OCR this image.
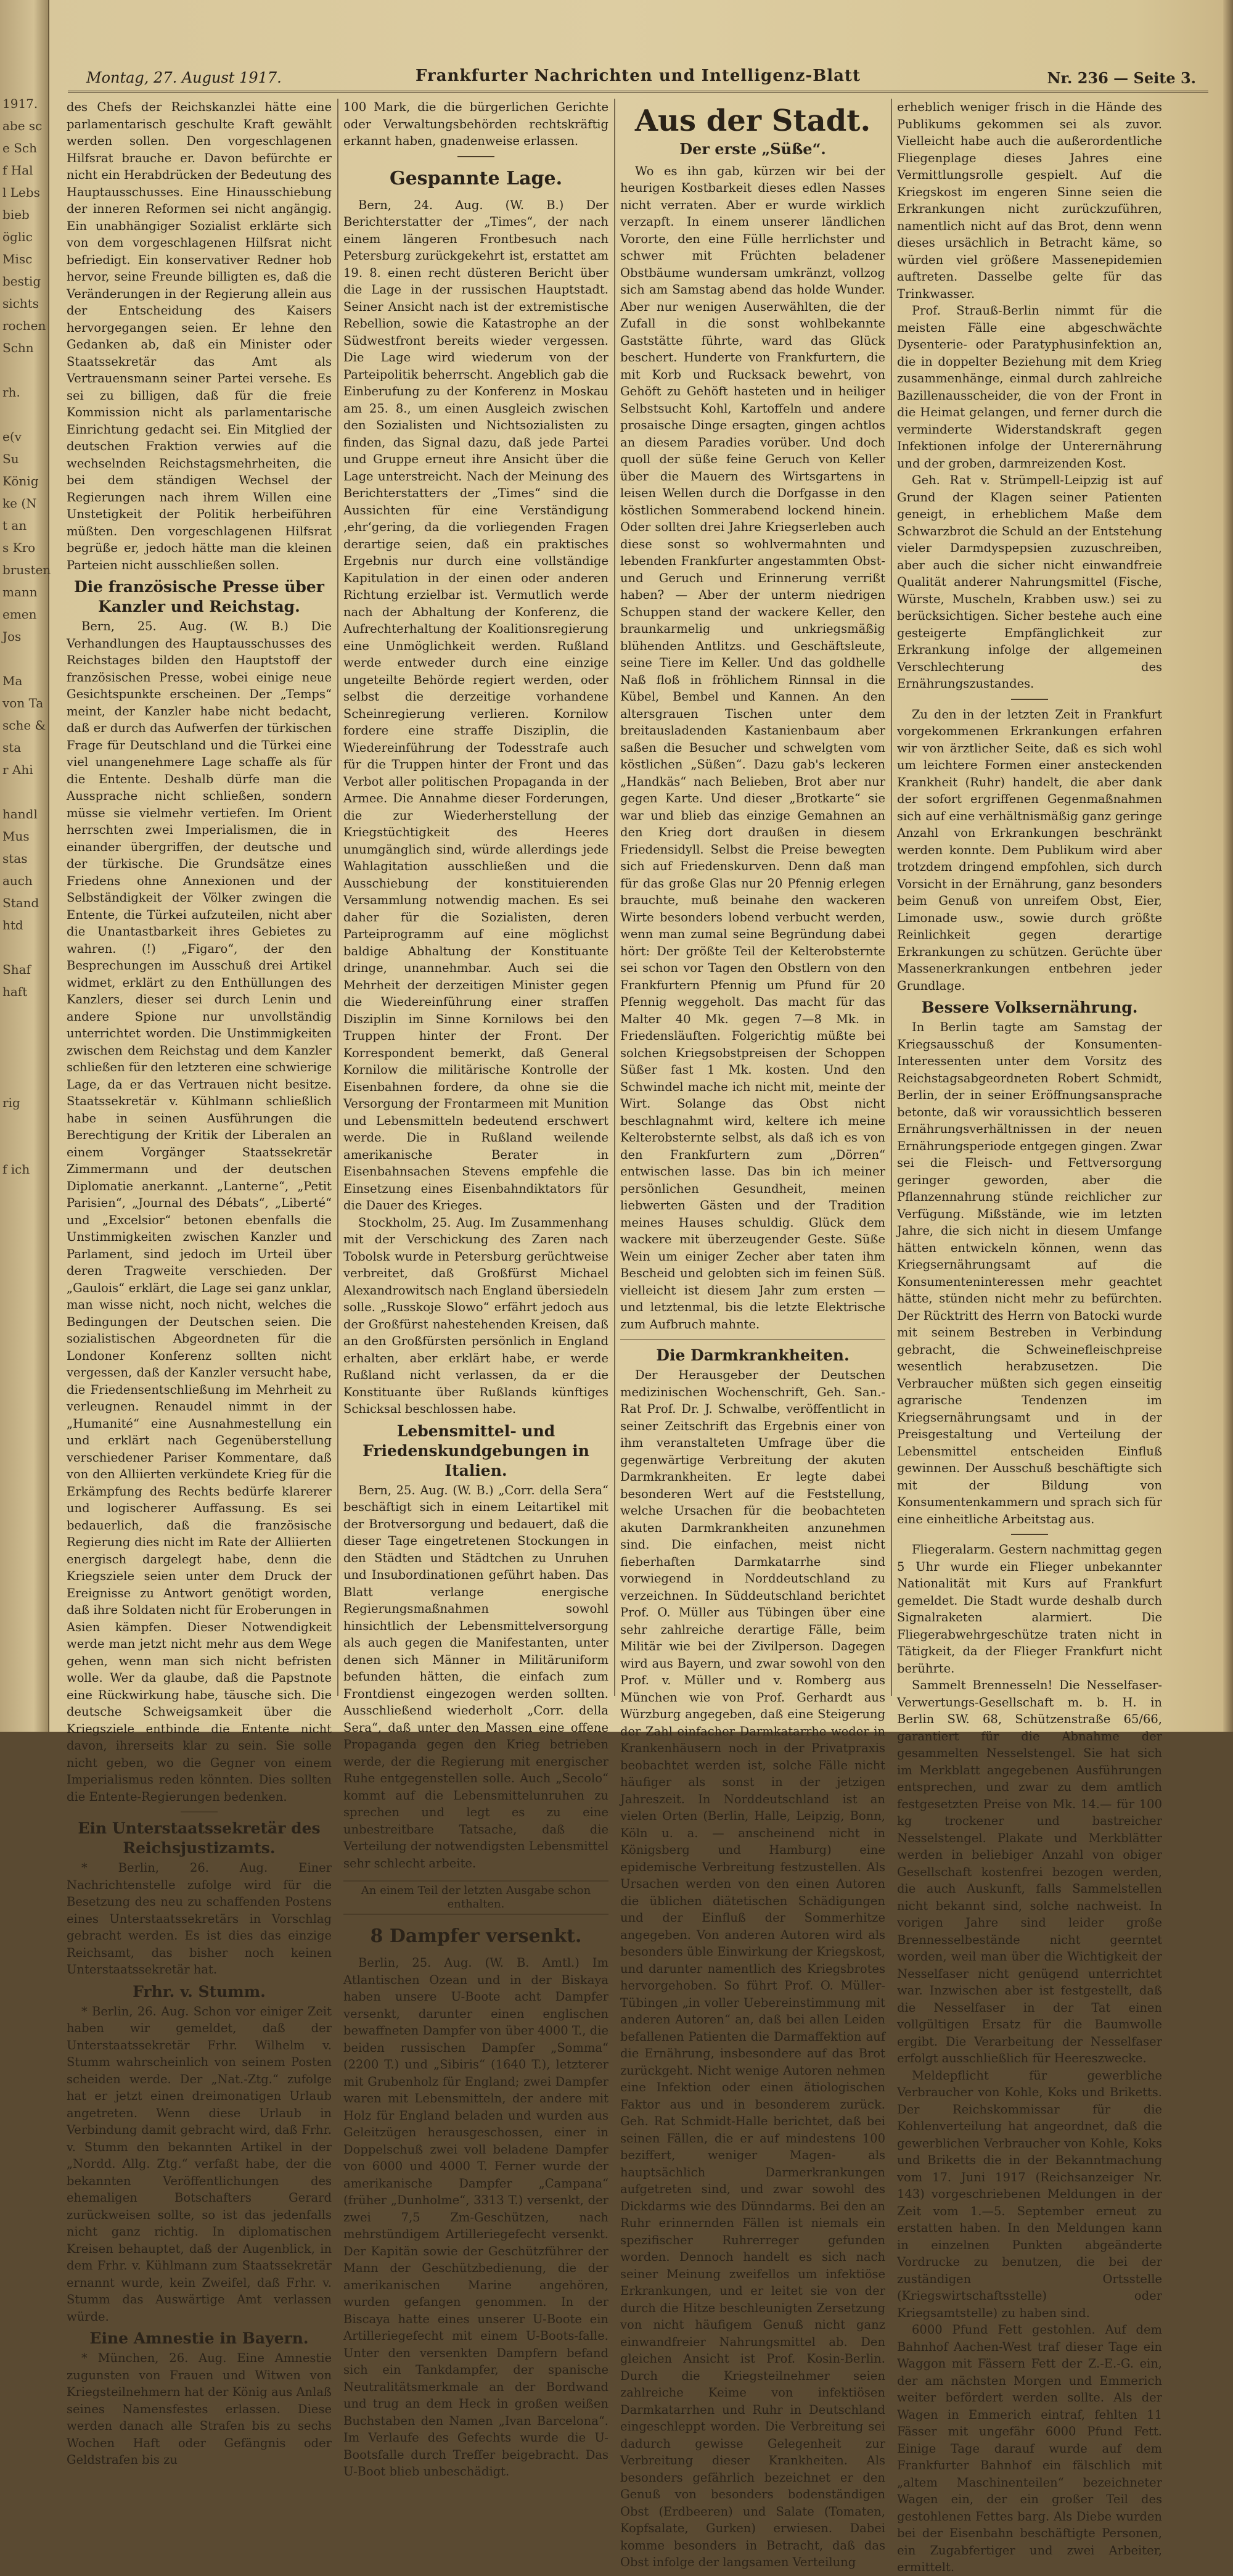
1917.
abe sc
e Sch
f Hal
l Lebs
bieb
öglic
Misc
bestig
sichts
rochen
Schn

rh.

e(v
Su
König
ke (N
t an
s Kro
brusten
mann
emen
Jos

Ma
von Ta
sche &
sta
r Ahi

handl
Mus
stas
auch
Stand
htd

Shaf
haft

rig

f ich
Montag, 27. August 1917.	Frankfurter Nachrichten und Intelligenz-Blatt	Nr. 236 — Seite 3.

des Chefs der Reichskanzlei hätte eine parlamentarisch geschulte Kraft gewählt werden sollen. Den vorgeschlagenen Hilfsrat brauche er. Davon befürchte er nicht ein Herabdrücken der Bedeutung des Hauptausschusses. Eine Hinausschiebung der inneren Reformen sei nicht angängig. Ein unabhängiger Sozialist erklärte sich von dem vorgeschlagenen Hilfsrat nicht befriedigt. Ein konservativer Redner hob hervor, seine Freunde billigten es, daß die Veränderungen in der Regierung allein aus der Entscheidung des Kaisers hervorgegangen seien. Er lehne den Gedanken ab, daß ein Minister oder Staatssekretär das Amt als Vertrauensmann seiner Partei versehe. Es sei zu billigen, daß für die freie Kommission nicht als parlamentarische Einrichtung gedacht sei. Ein Mitglied der deutschen Fraktion verwies auf die wechselnden Reichstagsmehrheiten, die bei dem ständigen Wechsel der Regierungen nach ihrem Willen eine Unstetigkeit der Politik herbeiführen müßten. Den vorgeschlagenen Hilfsrat begrüße er, jedoch hätte man die kleinen Parteien nicht ausschließen sollen.

Die französische Presse über Kanzler und Reichstag.

Bern, 25. Aug. (W. B.) Die Verhandlungen des Hauptausschusses des Reichstages bilden den Hauptstoff der französischen Presse, wobei einige neue Gesichtspunkte erscheinen. Der „Temps“ meint, der Kanzler habe nicht bedacht, daß er durch das Aufwerfen der türkischen Frage für Deutschland und die Türkei eine viel unangenehmere Lage schaffe als für die Entente. Deshalb dürfe man die Aussprache nicht schließen, sondern müsse sie vielmehr vertiefen. Im Orient herrschten zwei Imperialismen, die in einander übergriffen, der deutsche und der türkische. Die Grundsätze eines Friedens ohne Annexionen und der Selbständigkeit der Völker zwingen die Entente, die Türkei aufzuteilen, nicht aber die Unantastbarkeit ihres Gebietes zu wahren. (!) „Figaro“, der den Besprechungen im Ausschuß drei Artikel widmet, erklärt zu den Enthüllungen des Kanzlers, dieser sei durch Lenin und andere Spione nur unvollständig unterrichtet worden. Die Unstimmigkeiten zwischen dem Reichstag und dem Kanzler schließen für den letzteren eine schwierige Lage, da er das Vertrauen nicht besitze. Staatssekretär v. Kühlmann schließlich habe in seinen Ausführungen die Berechtigung der Kritik der Liberalen an einem Vorgänger Staatssekretär Zimmermann und der deutschen Diplomatie anerkannt. „Lanterne“, „Petit Parisien“, „Journal des Débats“, „Liberté“ und „Excelsior“ betonen ebenfalls die Unstimmigkeiten zwischen Kanzler und Parlament, sind jedoch im Urteil über deren Tragweite verschieden. Der „Gaulois“ erklärt, die Lage sei ganz unklar, man wisse nicht, noch nicht, welches die Bedingungen der Deutschen seien. Die sozialistischen Abgeordneten für die Londoner Konferenz sollten nicht vergessen, daß der Kanzler versucht habe, die Friedensentschließung im Mehrheit zu verleugnen. Renaudel nimmt in der „Humanité“ eine Ausnahmestellung ein und erklärt nach Gegenüberstellung verschiedener Pariser Kommentare, daß von den Alliierten verkündete Krieg für die Erkämpfung des Rechts bedürfe klarerer und logischerer Auffassung. Es sei bedauerlich, daß die französische Regierung dies nicht im Rate der Alliierten energisch dargelegt habe, denn die Kriegsziele seien unter dem Druck der Ereignisse zu Antwort genötigt worden, daß ihre Soldaten nicht für Eroberungen in Asien kämpfen. Dieser Notwendigkeit werde man jetzt nicht mehr aus dem Wege gehen, wenn man sich nicht befristen wolle. Wer da glaube, daß die Papstnote eine Rückwirkung habe, täusche sich. Die deutsche Schweigsamkeit über die Kriegsziele entbinde die Entente nicht davon, ihrerseits klar zu sein. Sie solle nicht geben, wo die Gegner von einem Imperialismus reden könnten. Dies sollten die Entente-Regierungen bedenken.

Ein Unterstaatssekretär des Reichsjustizamts.

* Berlin, 26. Aug. Einer Nachrichtenstelle zufolge wird für die Besetzung des neu zu schaffenden Postens eines Unterstaatssekretärs in Vorschlag gebracht werden. Es ist dies das einzige Reichsamt, das bisher noch keinen Unterstaatssekretär hat.

Frhr. v. Stumm.

* Berlin, 26. Aug. Schon vor einiger Zeit haben wir gemeldet, daß der Unterstaatssekretär Frhr. Wilhelm v. Stumm wahrscheinlich von seinem Posten scheiden werde. Der „Nat.-Ztg.“ zufolge hat er jetzt einen dreimonatigen Urlaub angetreten. Wenn diese Urlaub in Verbindung damit gebracht wird, daß Frhr. v. Stumm den bekannten Artikel in der „Nordd. Allg. Ztg.“ verfaßt habe, der die bekannten Veröffentlichungen des ehemaligen Botschafters Gerard zurückweisen sollte, so ist das jedenfalls nicht ganz richtig. In diplomatischen Kreisen behauptet, daß der Augenblick, in dem Frhr. v. Kühlmann zum Staatssekretär ernannt wurde, kein Zweifel, daß Frhr. v. Stumm das Auswärtige Amt verlassen würde.

Eine Amnestie in Bayern.

* München, 26. Aug. Eine Amnestie zugunsten von Frauen und Witwen von Kriegsteilnehmern hat der König aus Anlaß seines Namensfestes erlassen. Diese werden danach alle Strafen bis zu sechs Wochen Haft oder Gefängnis oder Geldstrafen bis zu

100 Mark, die die bürgerlichen Gerichte oder Verwaltungsbehörden rechtskräftig erkannt haben, gnadenweise erlassen.

Gespannte Lage.

Bern, 24. Aug. (W. B.) Der Berichterstatter der „Times“, der nach einem längeren Frontbesuch nach Petersburg zurückgekehrt ist, erstattet am 19. 8. einen recht düsteren Bericht über die Lage in der russischen Hauptstadt. Seiner Ansicht nach ist der extremistische Rebellion, sowie die Katastrophe an der Südwestfront bereits wieder vergessen. Die Lage wird wiederum von der Parteipolitik beherrscht. Angeblich gab die Einberufung zu der Konferenz in Moskau am 25. 8., um einen Ausgleich zwischen den Sozialisten und Nichtsozialisten zu finden, das Signal dazu, daß jede Partei und Gruppe erneut ihre Ansicht über die Lage unterstreicht. Nach der Meinung des Berichterstatters der „Times“ sind die Aussichten für eine Verständigung ‚ehr‘gering, da die vorliegenden Fragen derartige seien, daß ein praktisches Ergebnis nur durch eine vollständige Kapitulation in der einen oder anderen Richtung erzielbar ist. Vermutlich werde nach der Abhaltung der Konferenz, die Aufrechterhaltung der Koalitionsregierung eine Unmöglichkeit werden. Rußland werde entweder durch eine einzige ungeteilte Behörde regiert werden, oder selbst die derzeitige vorhandene Scheinregierung verlieren. Kornilow fordere eine straffe Disziplin, die Wiedereinführung der Todesstrafe auch für die Truppen hinter der Front und das Verbot aller politischen Propaganda in der Armee. Die Annahme dieser Forderungen, die zur Wiederherstellung der Kriegstüchtigkeit des Heeres unumgänglich sind, würde allerdings jede Wahlagitation ausschließen und die Ausschiebung der konstituierenden Versammlung notwendig machen. Es sei daher für die Sozialisten, deren Parteiprogramm auf eine möglichst baldige Abhaltung der Konstituante dringe, unannehmbar. Auch sei die Mehrheit der derzeitigen Minister gegen die Wiedereinführung einer straffen Disziplin im Sinne Kornilows bei den Truppen hinter der Front. Der Korrespondent bemerkt, daß General Kornilow die militärische Kontrolle der Eisenbahnen fordere, da ohne sie die Versorgung der Frontarmeen mit Munition und Lebensmitteln bedeutend erschwert werde. Die in Rußland weilende amerikanische Berater in Eisenbahnsachen Stevens empfehle die Einsetzung eines Eisenbahndiktators für die Dauer des Krieges.

Stockholm, 25. Aug. Im Zusammenhang mit der Verschickung des Zaren nach Tobolsk wurde in Petersburg gerüchtweise verbreitet, daß Großfürst Michael Alexandrowitsch nach England übersiedeln solle. „Russkoje Slowo“ erfährt jedoch aus der Großfürst nahestehenden Kreisen, daß an den Großfürsten persönlich in England erhalten, aber erklärt habe, er werde Rußland nicht verlassen, da er die Konstituante über Rußlands künftiges Schicksal beschlossen habe.

Lebensmittel- und Friedenskundgebungen in Italien.

Bern, 25. Aug. (W. B.) „Corr. della Sera“ beschäftigt sich in einem Leitartikel mit der Brotversorgung und bedauert, daß die dieser Tage eingetretenen Stockungen in den Städten und Städtchen zu Unruhen und Insubordinationen geführt haben. Das Blatt verlange energische Regierungsmaßnahmen sowohl hinsichtlich der Lebensmittelversorgung als auch gegen die Manifestanten, unter denen sich Männer in Militäruniform befunden hätten, die einfach zum Frontdienst eingezogen werden sollten. Ausschließend wiederholt „Corr. della Sera“, daß unter den Massen eine offene Propaganda gegen den Krieg betrieben werde, der die Regierung mit energischer Ruhe entgegenstellen solle. Auch „Secolo“ kommt auf die Lebensmittelunruhen zu sprechen und legt es zu eine unbestreitbare Tatsache, daß die Verteilung der notwendigsten Lebensmittel sehr schlecht arbeite.

An einem Teil der letzten Ausgabe schon enthalten.
8 Dampfer versenkt.

Berlin, 25. Aug. (W. B. Amtl.) Im Atlantischen Ozean und in der Biskaya haben unsere U-Boote acht Dampfer versenkt, darunter einen englischen bewaffneten Dampfer von über 4000 T., die beiden russischen Dampfer „Somma“ (2200 T.) und „Sibiris“ (1640 T.), letzterer mit Grubenholz für England; zwei Dampfer waren mit Lebensmitteln, der andere mit Holz für England beladen und wurden aus Geleitzügen herausgeschossen, einer in Doppelschuß zwei voll beladene Dampfer von 6000 und 4000 T. Ferner wurde der amerikanische Dampfer „Campana“ (früher „Dunholme“, 3313 T.) versenkt, der zwei 7,5 Zm-Geschützen, nach mehrstündigem Artilleriegefecht versenkt. Der Kapitän sowie der Geschützführer der Mann der Geschützbedienung, die der amerikanischen Marine angehören, wurden gefangen genommen. In der Biscaya hatte eines unserer U-Boote ein Artilleriegefecht mit einem U-Boots-falle. Unter den versenkten Dampfern befand sich ein Tankdampfer, der spanische Neutralitätsmerkmale an der Bordwand und trug an dem Heck in großen weißen Buchstaben den Namen „Ivan Barcelona“. Im Verlaufe des Gefechts wurde die U-Bootsfalle durch Treffer beigebracht. Das U-Boot blieb unbeschädigt.

Aus der Stadt.
Der erste „Süße“.

Wo es ihn gab, kürzen wir bei der heurigen Kostbarkeit dieses edlen Nasses nicht verraten. Aber er wurde wirklich verzapft. In einem unserer ländlichen Vororte, den eine Fülle herrlichster und schwer mit Früchten beladener Obstbäume wundersam umkränzt, vollzog sich am Samstag abend das holde Wunder. Aber nur wenigen Auserwählten, die der Zufall in die sonst wohlbekannte Gaststätte führte, ward das Glück beschert. Hunderte von Frankfurtern, die mit Korb und Rucksack bewehrt, von Gehöft zu Gehöft hasteten und in heiliger Selbstsucht Kohl, Kartoffeln und andere prosaische Dinge ersagten, gingen achtlos an diesem Paradies vorüber. Und doch quoll der süße feine Geruch von Keller über die Mauern des Wirtsgartens in leisen Wellen durch die Dorfgasse in den köstlichen Sommerabend lockend hinein. Oder sollten drei Jahre Kriegserleben auch diese sonst so wohlvermahnten und lebenden Frankfurter angestammten Obst- und Geruch und Erinnerung verrißt haben? — Aber der unterm niedrigen Schuppen stand der wackere Keller, den braunkarmelig und unkriegsmäßig blühenden Antlitzs. und Geschäftsleute, seine Tiere im Keller. Und das goldhelle Naß floß in fröhlichem Rinnsal in die Kübel, Bembel und Kannen. An den altersgrauen Tischen unter dem breitausladenden Kastanienbaum aber saßen die Besucher und schwelgten vom köstlichen „Süßen“. Dazu gab's leckeren „Handkäs“ nach Belieben, Brot aber nur gegen Karte. Und dieser „Brotkarte“ sie war und blieb das einzige Gemahnen an den Krieg dort draußen in diesem Friedensidyll. Selbst die Preise bewegten sich auf Friedenskurven. Denn daß man für das große Glas nur 20 Pfennig erlegen brauchte, muß beinahe den wackeren Wirte besonders lobend verbucht werden, wenn man zumal seine Begründung dabei hört: Der größte Teil der Kelterobsternte sei schon vor Tagen den Obstlern von den Frankfurtern Pfennig um Pfund für 20 Pfennig weggeholt. Das macht für das Malter 40 Mk. gegen 7—8 Mk. in Friedensläuften. Folgerichtig müßte bei solchen Kriegsobstpreisen der Schoppen Süßer fast 1 Mk. kosten. Und den Schwindel mache ich nicht mit, meinte der Wirt. Solange das Obst nicht beschlagnahmt wird, keltere ich meine Kelterobsternte selbst, als daß ich es von den Frankfurtern zum „Dörren“ entwischen lasse. Das bin ich meiner persönlichen Gesundheit, meinen liebwerten Gästen und der Tradition meines Hauses schuldig. Glück dem wackere mit überzeugender Geste. Süße Wein um einiger Zecher aber taten ihm Bescheid und gelobten sich im feinen Süß. vielleicht ist diesem Jahr zum ersten — und letztenmal, bis die letzte Elektrische zum Aufbruch mahnte.

Die Darmkrankheiten.

Der Herausgeber der Deutschen medizinischen Wochenschrift, Geh. San.-Rat Prof. Dr. J. Schwalbe, veröffentlicht in seiner Zeitschrift das Ergebnis einer von ihm veranstalteten Umfrage über die gegenwärtige Verbreitung der akuten Darmkrankheiten. Er legte dabei besonderen Wert auf die Feststellung, welche Ursachen für die beobachteten akuten Darmkrankheiten anzunehmen sind. Die einfachen, meist nicht fieberhaften Darmkatarrhe sind vorwiegend in Norddeutschland zu verzeichnen. In Süddeutschland berichtet Prof. O. Müller aus Tübingen über eine sehr zahlreiche derartige Fälle, beim Militär wie bei der Zivilperson. Dagegen wird aus Bayern, und zwar sowohl von den Prof. v. Müller und v. Romberg aus München wie von Prof. Gerhardt aus Würzburg angegeben, daß eine Steigerung der Zahl einfacher Darmkatarrhe weder in Krankenhäusern noch in der Privatpraxis beobachtet werden ist, solche Fälle nicht häufiger als sonst in der jetzigen Jahreszeit. In Norddeutschland ist an vielen Orten (Berlin, Halle, Leipzig, Bonn, Köln u. a. — anscheinend nicht in Königsberg und Hamburg) eine epidemische Verbreitung festzustellen. Als Ursachen werden von den einen Autoren die üblichen diätetischen Schädigungen und der Einfluß der Sommerhitze angegeben. Von anderen Autoren wird als besonders üble Einwirkung der Kriegskost, und darunter namentlich des Kriegsbrotes hervorgehoben. So führt Prof. O. Müller-Tübingen „in voller Uebereinstimmung mit anderen Autoren“ an, daß bei allen Leiden befallenen Patienten die Darmaffektion auf die Ernährung, insbesondere auf das Brot zurückgeht. Nicht wenige Autoren nehmen eine Infektion oder einen ätiologischen Faktor aus und in besonderem zurück. Geh. Rat Schmidt-Halle berichtet, daß bei seinen Fällen, die er auf mindestens 100 beziffert, weniger Magen- als hauptsächlich Darmerkrankungen aufgetreten sind, und zwar sowohl des Dickdarms wie des Dünndarms. Bei den an Ruhr erinnernden Fällen ist niemals ein spezifischer Ruhrerreger gefunden worden. Dennoch handelt es sich nach seiner Meinung zweifellos um infektiöse Erkrankungen, und er leitet sie von der durch die Hitze beschleunigten Zersetzung von nicht häufigem Genuß nicht ganz einwandfreier Nahrungsmittel ab. Den gleichen Ansicht ist Prof. Kosin-Berlin. Durch die Kriegsteilnehmer seien zahlreiche Keime von infektiösen Darmkatarrhen und Ruhr in Deutschland eingeschleppt worden. Die Verbreitung sei dadurch gewisse Gelegenheit zur Verbreitung dieser Krankheiten. Als besonders gefährlich bezeichnet er den Genuß von besonders bodenständigen Obst (Erdbeeren) und Salate (Tomaten, Kopfsalate, Gurken) erwiesen. Dabei komme besonders in Betracht, daß das Obst infolge der langsamen Verteilung

erheblich weniger frisch in die Hände des Publikums gekommen sei als zuvor. Vielleicht habe auch die außerordentliche Fliegenplage dieses Jahres eine Vermittlungsrolle gespielt. Auf die Kriegskost im engeren Sinne seien die Erkrankungen nicht zurückzuführen, namentlich nicht auf das Brot, denn wenn dieses ursächlich in Betracht käme, so würden viel größere Massenepidemien auftreten. Dasselbe gelte für das Trinkwasser.

Prof. Strauß-Berlin nimmt für die meisten Fälle eine abgeschwächte Dysenterie- oder Paratyphusinfektion an, die in doppelter Beziehung mit dem Krieg zusammenhänge, einmal durch zahlreiche Bazillenausscheider, die von der Front in die Heimat gelangen, und ferner durch die verminderte Widerstandskraft gegen Infektionen infolge der Unterernährung und der groben, darmreizenden Kost.

Geh. Rat v. Strümpell-Leipzig ist auf Grund der Klagen seiner Patienten geneigt, in erheblichem Maße dem Schwarzbrot die Schuld an der Entstehung vieler Darmdyspepsien zuzuschreiben, aber auch die sicher nicht einwandfreie Qualität anderer Nahrungsmittel (Fische, Würste, Muscheln, Krabben usw.) sei zu berücksichtigen. Sicher bestehe auch eine gesteigerte Empfänglichkeit zur Erkrankung infolge der allgemeinen Verschlechterung des Ernährungszustandes.

Zu den in der letzten Zeit in Frankfurt vorgekommenen Erkrankungen erfahren wir von ärztlicher Seite, daß es sich wohl um leichtere Formen einer ansteckenden Krankheit (Ruhr) handelt, die aber dank der sofort ergriffenen Gegenmaßnahmen sich auf eine verhältnismäßig ganz geringe Anzahl von Erkrankungen beschränkt werden konnte. Dem Publikum wird aber trotzdem dringend empfohlen, sich durch Vorsicht in der Ernährung, ganz besonders beim Genuß von unreifem Obst, Eier, Limonade usw., sowie durch größte Reinlichkeit gegen derartige Erkrankungen zu schützen. Gerüchte über Massenerkrankungen entbehren jeder Grundlage.

Bessere Volksernährung.

In Berlin tagte am Samstag der Kriegsausschuß der Konsumenten-Interessenten unter dem Vorsitz des Reichstagsabgeordneten Robert Schmidt, Berlin, der in seiner Eröffnungsansprache betonte, daß wir voraussichtlich besseren Ernährungsverhältnissen in der neuen Ernährungsperiode entgegen gingen. Zwar sei die Fleisch- und Fettversorgung geringer geworden, aber die Pflanzennahrung stünde reichlicher zur Verfügung. Mißstände, wie im letzten Jahre, die sich nicht in diesem Umfange hätten entwickeln können, wenn das Kriegsernährungsamt auf die Konsumenteninteressen mehr geachtet hätte, stünden nicht mehr zu befürchten. Der Rücktritt des Herrn von Batocki wurde mit seinem Bestreben in Verbindung gebracht, die Schweinefleischpreise wesentlich herabzusetzen. Die Verbraucher müßten sich gegen einseitig agrarische Tendenzen im Kriegsernährungsamt und in der Preisgestaltung und Verteilung der Lebensmittel entscheiden Einfluß gewinnen. Der Ausschuß beschäftigte sich mit der Bildung von Konsumentenkammern und sprach sich für eine einheitliche Arbeitstag aus.

Fliegeralarm. Gestern nachmittag gegen 5 Uhr wurde ein Flieger unbekannter Nationalität mit Kurs auf Frankfurt gemeldet. Die Stadt wurde deshalb durch Signalraketen alarmiert. Die Fliegerabwehrgeschütze traten nicht in Tätigkeit, da der Flieger Frankfurt nicht berührte.

Sammelt Brennesseln! Die Nesselfaser-Verwertungs-Gesellschaft m. b. H. in Berlin SW. 68, Schützenstraße 65/66, garantiert für die Abnahme der gesammelten Nesselstengel. Sie hat sich im Merkblatt angegebenen Ausführungen entsprechen, und zwar zu dem amtlich festgesetzten Preise von Mk. 14.— für 100 kg trockener und bastreicher Nesselstengel. Plakate und Merkblätter werden in beliebiger Anzahl von obiger Gesellschaft kostenfrei bezogen werden, die auch Auskunft, falls Sammelstellen nicht bekannt sind, solche nachweist. In vorigen Jahre sind leider große Brennesselbestände nicht geerntet worden, weil man über die Wichtigkeit der Nesselfaser nicht genügend unterrichtet war. Inzwischen aber ist festgestellt, daß die Nesselfaser in der Tat einen vollgültigen Ersatz für die Baumwolle ergibt. Die Verarbeitung der Nesselfaser erfolgt ausschließlich für Heereszwecke.

Meldepflicht für gewerbliche Verbraucher von Kohle, Koks und Briketts. Der Reichskommissar für die Kohlenverteilung hat angeordnet, daß die gewerblichen Verbraucher von Kohle, Koks und Briketts die in der Bekanntmachung vom 17. Juni 1917 (Reichsanzeiger Nr. 143) vorgeschriebenen Meldungen in der Zeit vom 1.—5. September erneut zu erstatten haben. In den Meldungen kann in einzelnen Punkten abgeänderte Vordrucke zu benutzen, die bei der zuständigen Ortsstelle (Kriegswirtschaftsstelle) oder Kriegsamtstelle) zu haben sind.

6000 Pfund Fett gestohlen. Auf dem Bahnhof Aachen-West traf dieser Tage ein Waggon mit Fässern Fett der Z.-E.-G. ein, der am nächsten Morgen und Emmerich weiter befördert werden sollte. Als der Wagen in Emmerich eintraf, fehlten 11 Fässer mit ungefähr 6000 Pfund Fett. Einige Tage darauf wurde auf dem Frankfurter Bahnhof ein fälschlich mit „altem Maschinenteilen“ bezeichneter Wagen ein, der ein großer Teil des gestohlenen Fettes barg. Als Diebe wurden bei der Eisenbahn beschäftigte Personen, ein Zugabfertiger und zwei Arbeiter, ermittelt.
